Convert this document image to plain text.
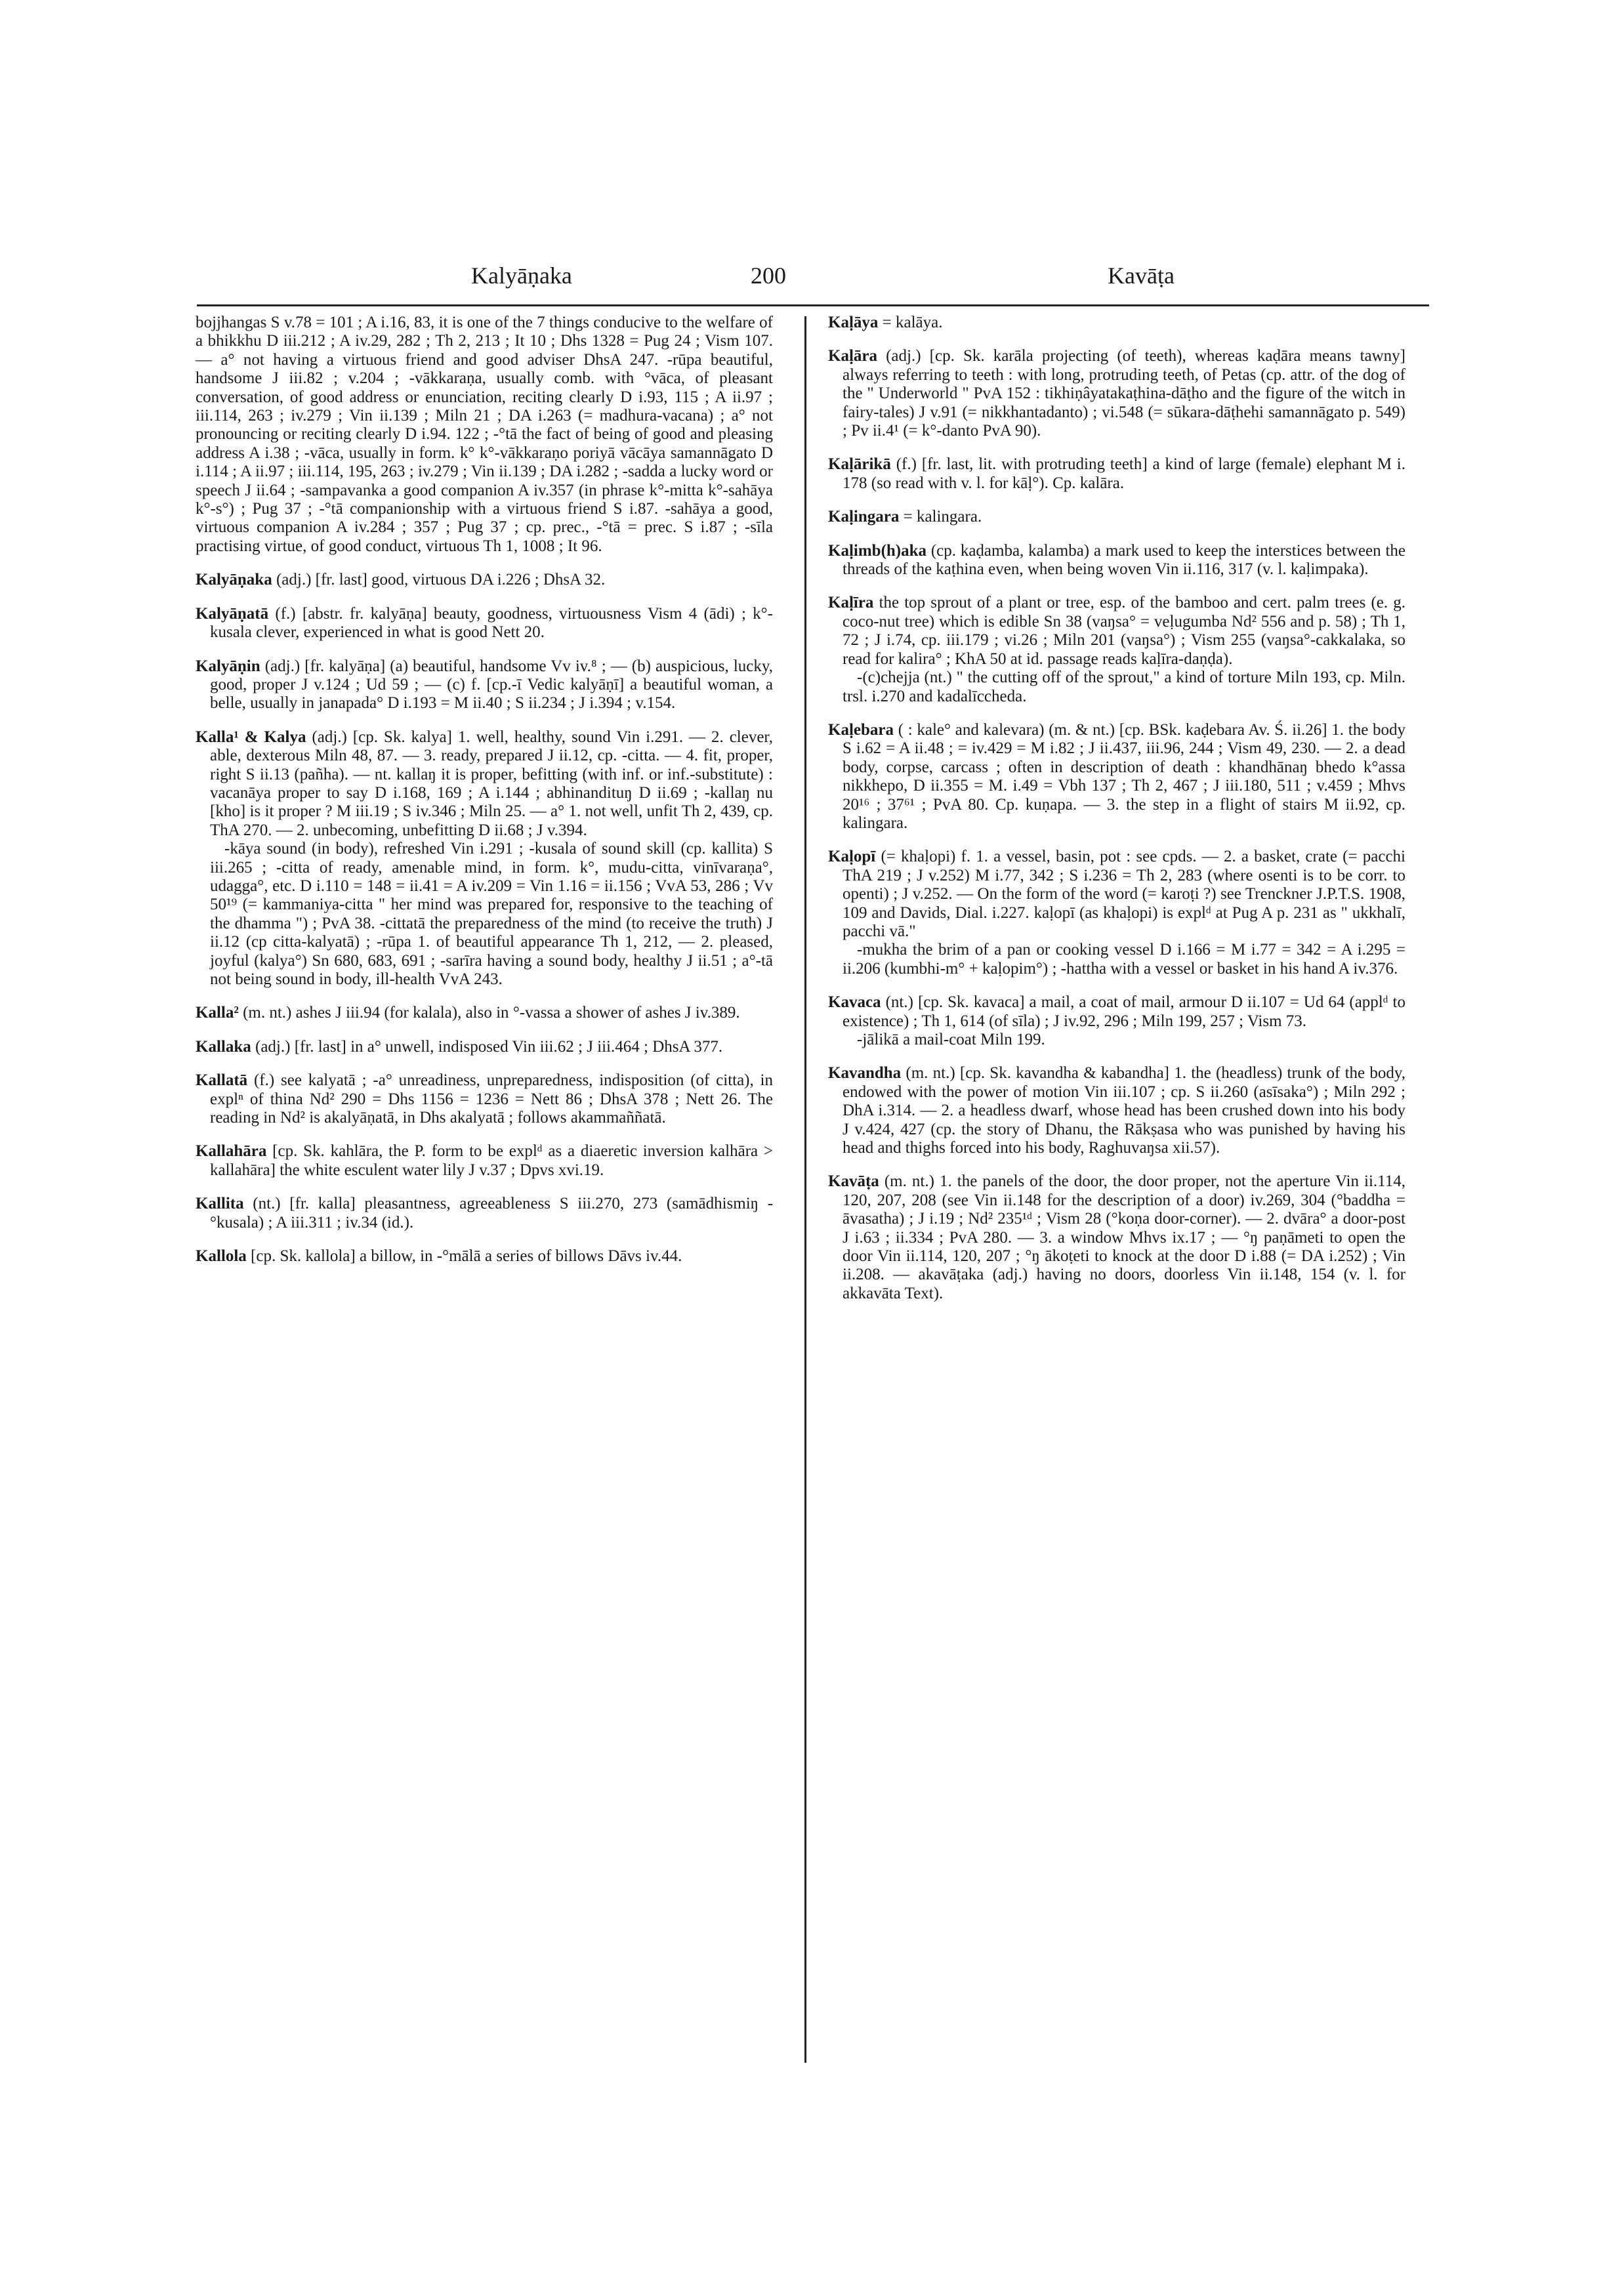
Kalyāṇaka	200	Kavāṭa

bojjhangas S v.78 = 101 ; A i.16, 83, it is one of the 7 things conducive to the welfare of a bhikkhu D iii.212 ; A iv.29, 282 ; Th 2, 213 ; It 10 ; Dhs 1328 = Pug 24 ; Vism 107. — a° not having a virtuous friend and good adviser DhsA 247. -rūpa beautiful, handsome J iii.82 ; v.204 ; -vākkaraṇa, usually comb. with °vāca, of pleasant conversation, of good address or enunciation, reciting clearly D i.93, 115 ; A ii.97 ; iii.114, 263 ; iv.279 ; Vin ii.139 ; Miln 21 ; DA i.263 (= madhura-vacana) ; a° not pronouncing or reciting clearly D i.94. 122 ; -°tā the fact of being of good and pleasing address A i.38 ; -vāca, usually in form. k° k°-vākkaraṇo poriyā vācāya samannāgato D i.114 ; A ii.97 ; iii.114, 195, 263 ; iv.279 ; Vin ii.139 ; DA i.282 ; -sadda a lucky word or speech J ii.64 ; -sampavanka a good companion A iv.357 (in phrase k°-mitta k°-sahāya k°-s°) ; Pug 37 ; -°tā companionship with a virtuous friend S i.87. -sahāya a good, virtuous companion A iv.284 ; 357 ; Pug 37 ; cp. prec., -°tā = prec. S i.87 ; -sīla practising virtue, of good conduct, virtuous Th 1, 1008 ; It 96.

Kalyāṇaka (adj.) [fr. last] good, virtuous DA i.226 ; DhsA 32.

Kalyāṇatā (f.) [abstr. fr. kalyāṇa] beauty, goodness, virtuousness Vism 4 (ādi) ; k°-kusala clever, experienced in what is good Nett 20.

Kalyāṇin (adj.) [fr. kalyāṇa] (a) beautiful, handsome Vv iv.⁸ ; — (b) auspicious, lucky, good, proper J v.124 ; Ud 59 ; — (c) f. [cp.-ī Vedic kalyāṇī] a beautiful woman, a belle, usually in janapada° D i.193 = M ii.40 ; S ii.234 ; J i.394 ; v.154.

Kalla¹ & Kalya (adj.) [cp. Sk. kalya] 1. well, healthy, sound Vin i.291. — 2. clever, able, dexterous Miln 48, 87. — 3. ready, prepared J ii.12, cp. -citta. — 4. fit, proper, right S ii.13 (pañha). — nt. kallaŋ it is proper, befitting (with inf. or inf.-substitute) : vacanāya proper to say D i.168, 169 ; A i.144 ; abhinandituŋ D ii.69 ; -kallaŋ nu [kho] is it proper ? M iii.19 ; S iv.346 ; Miln 25. — a° 1. not well, unfit Th 2, 439, cp. ThA 270. — 2. unbecoming, unbefitting D ii.68 ; J v.394.

-kāya sound (in body), refreshed Vin i.291 ; -kusala of sound skill (cp. kallita) S iii.265 ; -citta of ready, amenable mind, in form. k°, mudu-citta, vinīvaraṇa°, udagga°, etc. D i.110 = 148 = ii.41 = A iv.209 = Vin 1.16 = ii.156 ; VvA 53, 286 ; Vv 50¹⁹ (= kammaniya-citta " her mind was prepared for, responsive to the teaching of the dhamma ") ; PvA 38. -cittatā the preparedness of the mind (to receive the truth) J ii.12 (cp citta-kalyatā) ; -rūpa 1. of beautiful appearance Th 1, 212, — 2. pleased, joyful (kalya°) Sn 680, 683, 691 ; -sarīra having a sound body, healthy J ii.51 ; a°-tā not being sound in body, ill-health VvA 243.

Kalla² (m. nt.) ashes J iii.94 (for kalala), also in °-vassa a shower of ashes J iv.389.

Kallaka (adj.) [fr. last] in a° unwell, indisposed Vin iii.62 ; J iii.464 ; DhsA 377.

Kallatā (f.) see kalyatā ; -a° unreadiness, unpreparedness, indisposition (of citta), in explⁿ of thina Nd² 290 = Dhs 1156 = 1236 = Nett 86 ; DhsA 378 ; Nett 26. The reading in Nd² is akalyāṇatā, in Dhs akalyatā ; follows akammaññatā.

Kallahāra [cp. Sk. kahlāra, the P. form to be explᵈ as a diaeretic inversion kalhāra > kallahāra] the white esculent water lily J v.37 ; Dpvs xvi.19.

Kallita (nt.) [fr. kalla] pleasantness, agreeableness S iii.270, 273 (samādhismiŋ -°kusala) ; A iii.311 ; iv.34 (id.).

Kallola [cp. Sk. kallola] a billow, in -°mālā a series of billows Dāvs iv.44.

Kaḷāya = kalāya.

Kaḷāra (adj.) [cp. Sk. karāla projecting (of teeth), whereas kaḍāra means tawny] always referring to teeth : with long, protruding teeth, of Petas (cp. attr. of the dog of the " Underworld " PvA 152 : tikhiṇâyatakaṭhina-dāṭho and the figure of the witch in fairy-tales) J v.91 (= nikkhantadanto) ; vi.548 (= sūkara-dāṭhehi samannāgato p. 549) ; Pv ii.4¹ (= k°-danto PvA 90).

Kaḷārikā (f.) [fr. last, lit. with protruding teeth] a kind of large (female) elephant M i. 178 (so read with v. l. for kāḷ°). Cp. kalāra.

Kaḷingara = kalingara.

Kaḷimb(h)aka (cp. kaḍamba, kalamba) a mark used to keep the interstices between the threads of the kaṭhina even, when being woven Vin ii.116, 317 (v. l. kaḷimpaka).

Kaḷīra the top sprout of a plant or tree, esp. of the bamboo and cert. palm trees (e. g. coco-nut tree) which is edible Sn 38 (vaŋsa° = veḷugumba Nd² 556 and p. 58) ; Th 1, 72 ; J i.74, cp. iii.179 ; vi.26 ; Miln 201 (vaŋsa°) ; Vism 255 (vaŋsa°-cakkalaka, so read for kalira° ; KhA 50 at id. passage reads kaḷīra-daṇḍa).

-(c)chejja (nt.) " the cutting off of the sprout," a kind of torture Miln 193, cp. Miln. trsl. i.270 and kadalīccheda.

Kaḷebara ( : kale° and kalevara) (m. & nt.) [cp. BSk. kaḍebara Av. Ś. ii.26] 1. the body S i.62 = A ii.48 ; = iv.429 = M i.82 ; J ii.437, iii.96, 244 ; Vism 49, 230. — 2. a dead body, corpse, carcass ; often in description of death : khandhānaŋ bhedo k°assa nikkhepo, D ii.355 = M. i.49 = Vbh 137 ; Th 2, 467 ; J iii.180, 511 ; v.459 ; Mhvs 20¹⁶ ; 37⁶¹ ; PvA 80. Cp. kuṇapa. — 3. the step in a flight of stairs M ii.92, cp. kalingara.

Kaḷopī (= khaḷopi) f. 1. a vessel, basin, pot : see cpds. — 2. a basket, crate (= pacchi ThA 219 ; J v.252) M i.77, 342 ; S i.236 = Th 2, 283 (where osenti is to be corr. to openti) ; J v.252. — On the form of the word (= karoṭi ?) see Trenckner J.P.T.S. 1908, 109 and Davids, Dial. i.227. kaḷopī (as khaḷopi) is explᵈ at Pug A p. 231 as " ukkhalī, pacchi vā."

-mukha the brim of a pan or cooking vessel D i.166 = M i.77 = 342 = A i.295 = ii.206 (kumbhi-m° + kaḷopim°) ; -hattha with a vessel or basket in his hand A iv.376.

Kavaca (nt.) [cp. Sk. kavaca] a mail, a coat of mail, armour D ii.107 = Ud 64 (applᵈ to existence) ; Th 1, 614 (of sīla) ; J iv.92, 296 ; Miln 199, 257 ; Vism 73.

-jālikā a mail-coat Miln 199.

Kavandha (m. nt.) [cp. Sk. kavandha & kabandha] 1. the (headless) trunk of the body, endowed with the power of motion Vin iii.107 ; cp. S ii.260 (asīsaka°) ; Miln 292 ; DhA i.314. — 2. a headless dwarf, whose head has been crushed down into his body J v.424, 427 (cp. the story of Dhanu, the Rākṣasa who was punished by having his head and thighs forced into his body, Raghuvaŋsa xii.57).

Kavāṭa (m. nt.) 1. the panels of the door, the door proper, not the aperture Vin ii.114, 120, 207, 208 (see Vin ii.148 for the description of a door) iv.269, 304 (°baddha = āvasatha) ; J i.19 ; Nd² 235¹ᵈ ; Vism 28 (°koṇa door-corner). — 2. dvāra° a door-post J i.63 ; ii.334 ; PvA 280. — 3. a window Mhvs ix.17 ; — °ŋ paṇāmeti to open the door Vin ii.114, 120, 207 ; °ŋ ākoṭeti to knock at the door D i.88 (= DA i.252) ; Vin ii.208. — akavāṭaka (adj.) having no doors, doorless Vin ii.148, 154 (v. l. for akkavāta Text).
